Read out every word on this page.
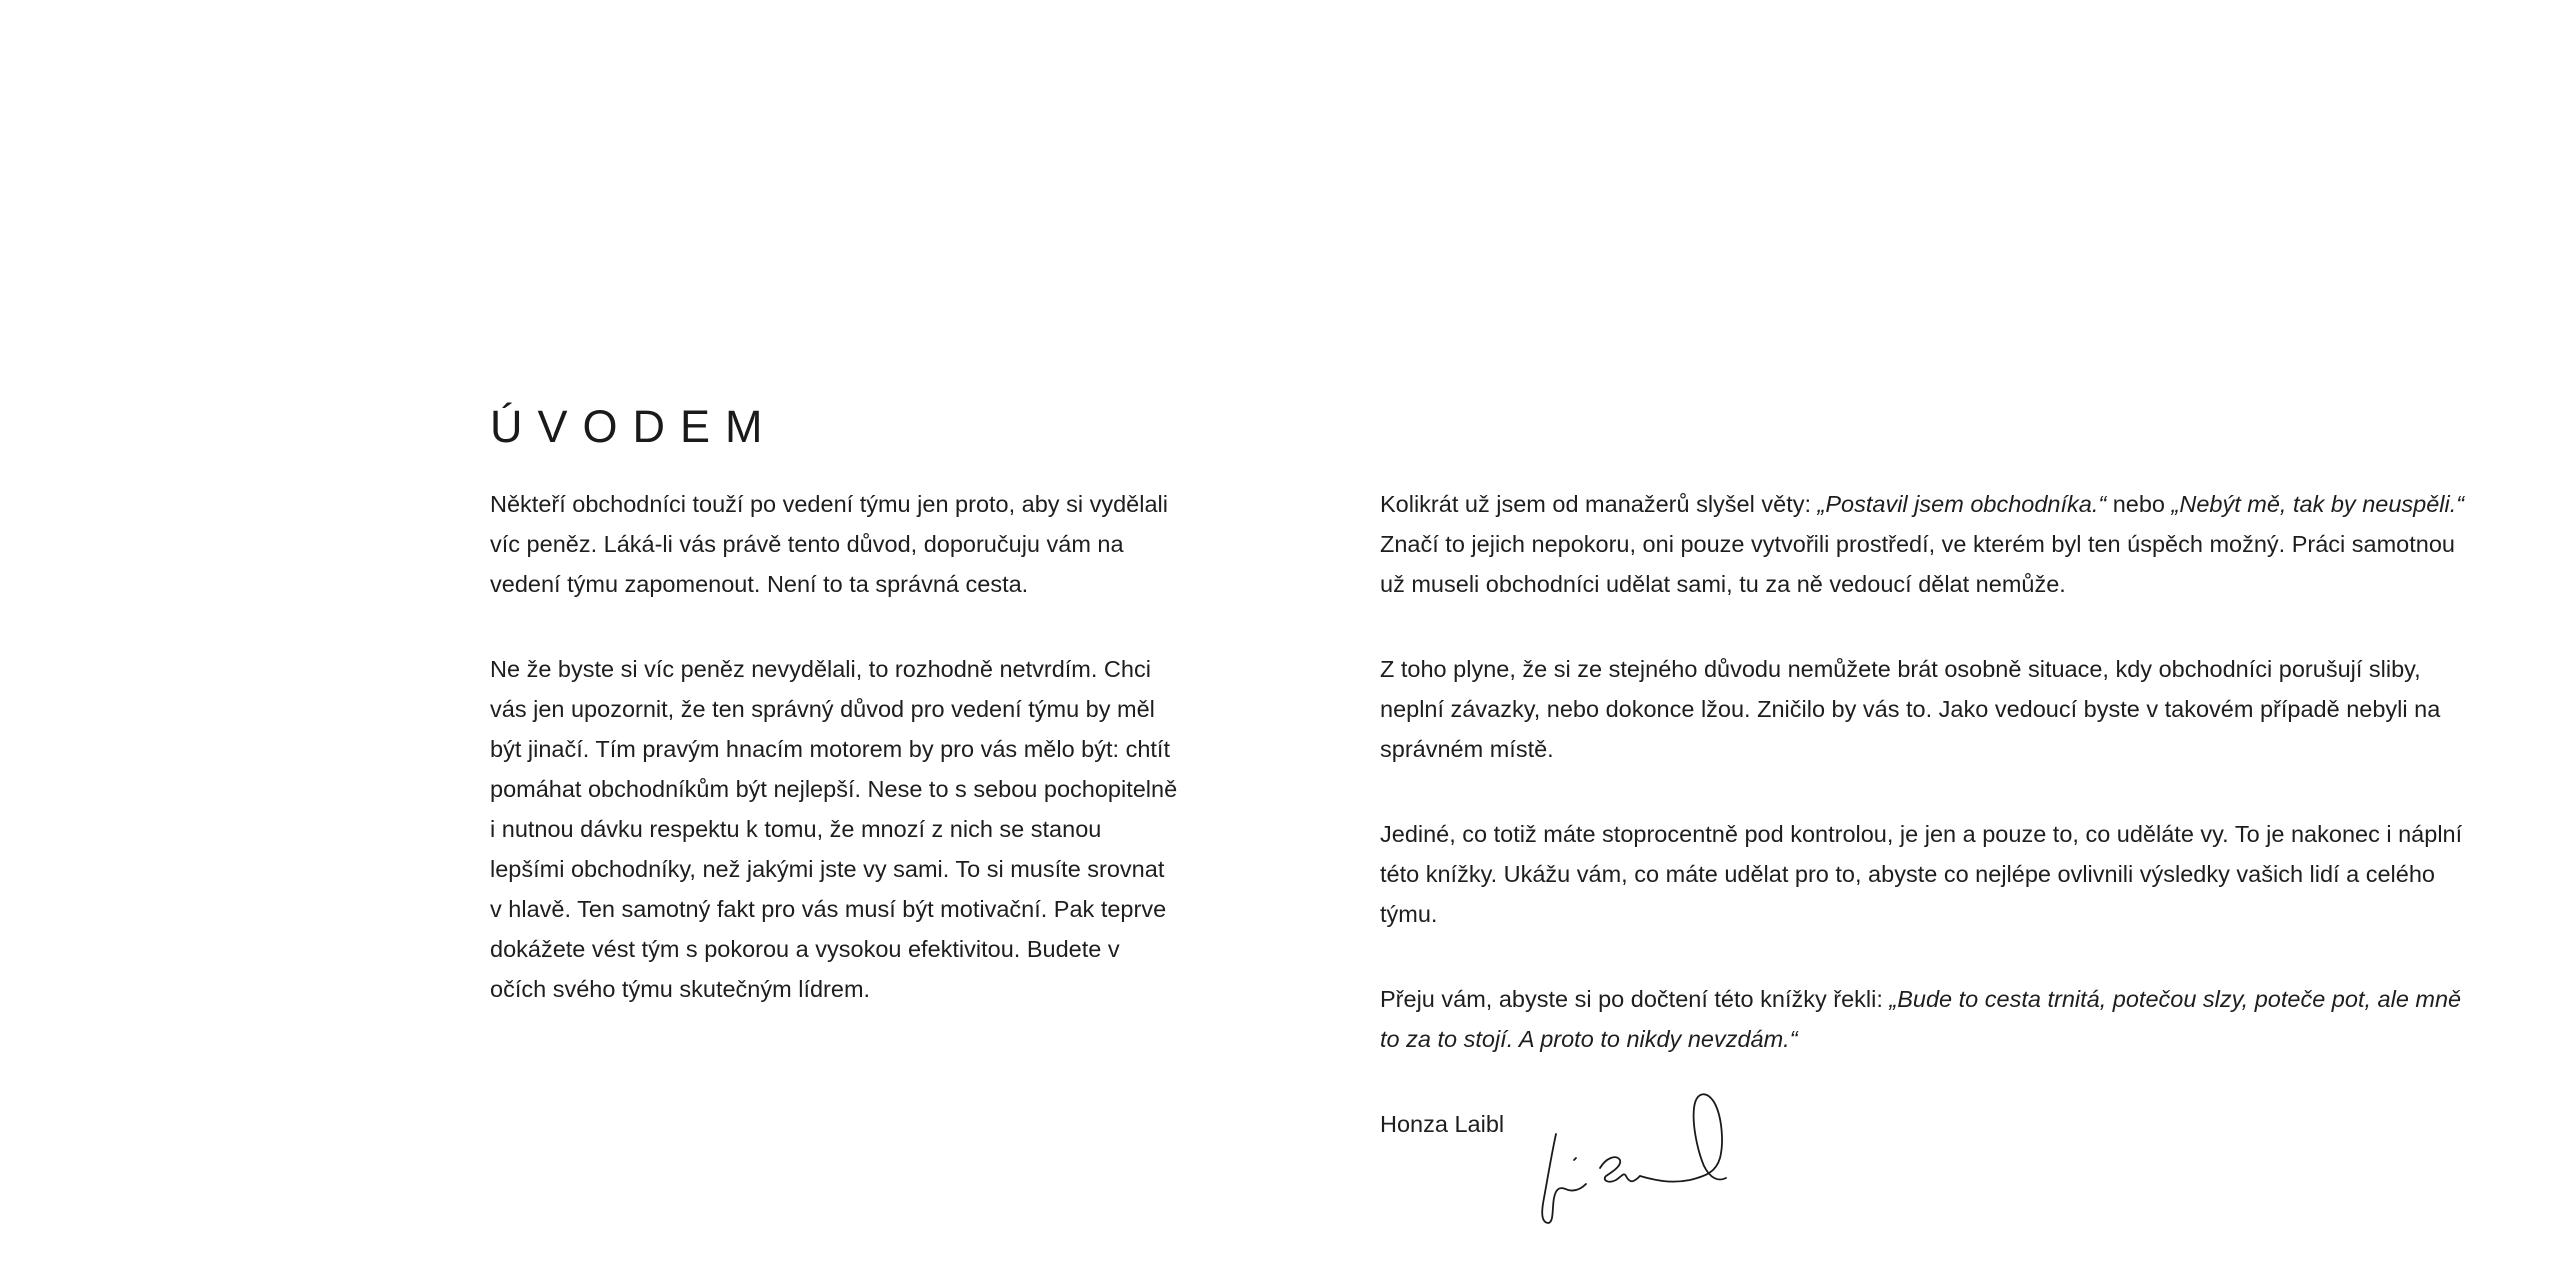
ÚVODEM

Někteří obchodníci touží po vedení týmu jen proto, aby si vydělali víc peněz. Láká-li vás právě tento důvod, doporučuju vám na vedení týmu zapomenout. Není to ta správná cesta.

Ne že byste si víc peněz nevydělali, to rozhodně netvrdím. Chci vás jen upozornit, že ten správný důvod pro vedení týmu by měl být jinačí. Tím pravým hnacím motorem by pro vás mělo být: chtít pomáhat obchodníkům být nejlepší. Nese to s sebou pochopitelně i nutnou dávku respektu k tomu, že mnozí z nich se stanou lepšími obchodníky, než jakými jste vy sami. To si musíte srovnat v hlavě. Ten samotný fakt pro vás musí být motivační. Pak teprve dokážete vést tým s pokorou a vysokou efektivitou. Budete v očích svého týmu skutečným lídrem.

Kolikrát už jsem od manažerů slyšel věty: „Postavil jsem obchodníka.“ nebo „Nebýt mě, tak by neuspěli.“ Značí to jejich nepokoru, oni pouze vytvořili prostředí, ve kterém byl ten úspěch možný. Práci samotnou už museli obchodníci udělat sami, tu za ně vedoucí dělat nemůže.

Z toho plyne, že si ze stejného důvodu nemůžete brát osobně situace, kdy obchodníci porušují sliby, neplní závazky, nebo dokonce lžou. Zničilo by vás to. Jako vedoucí byste v takovém případě nebyli na správném místě.

Jediné, co totiž máte stoprocentně pod kontrolou, je jen a pouze to, co uděláte vy. To je nakonec i náplní této knížky. Ukážu vám, co máte udělat pro to, abyste co nejlépe ovlivnili výsledky vašich lidí a celého týmu.

Přeju vám, abyste si po dočtení této knížky řekli: „Bude to cesta trnitá, potečou slzy, poteče pot, ale mně to za to stojí. A proto to nikdy nevzdám.“

Honza Laibl
